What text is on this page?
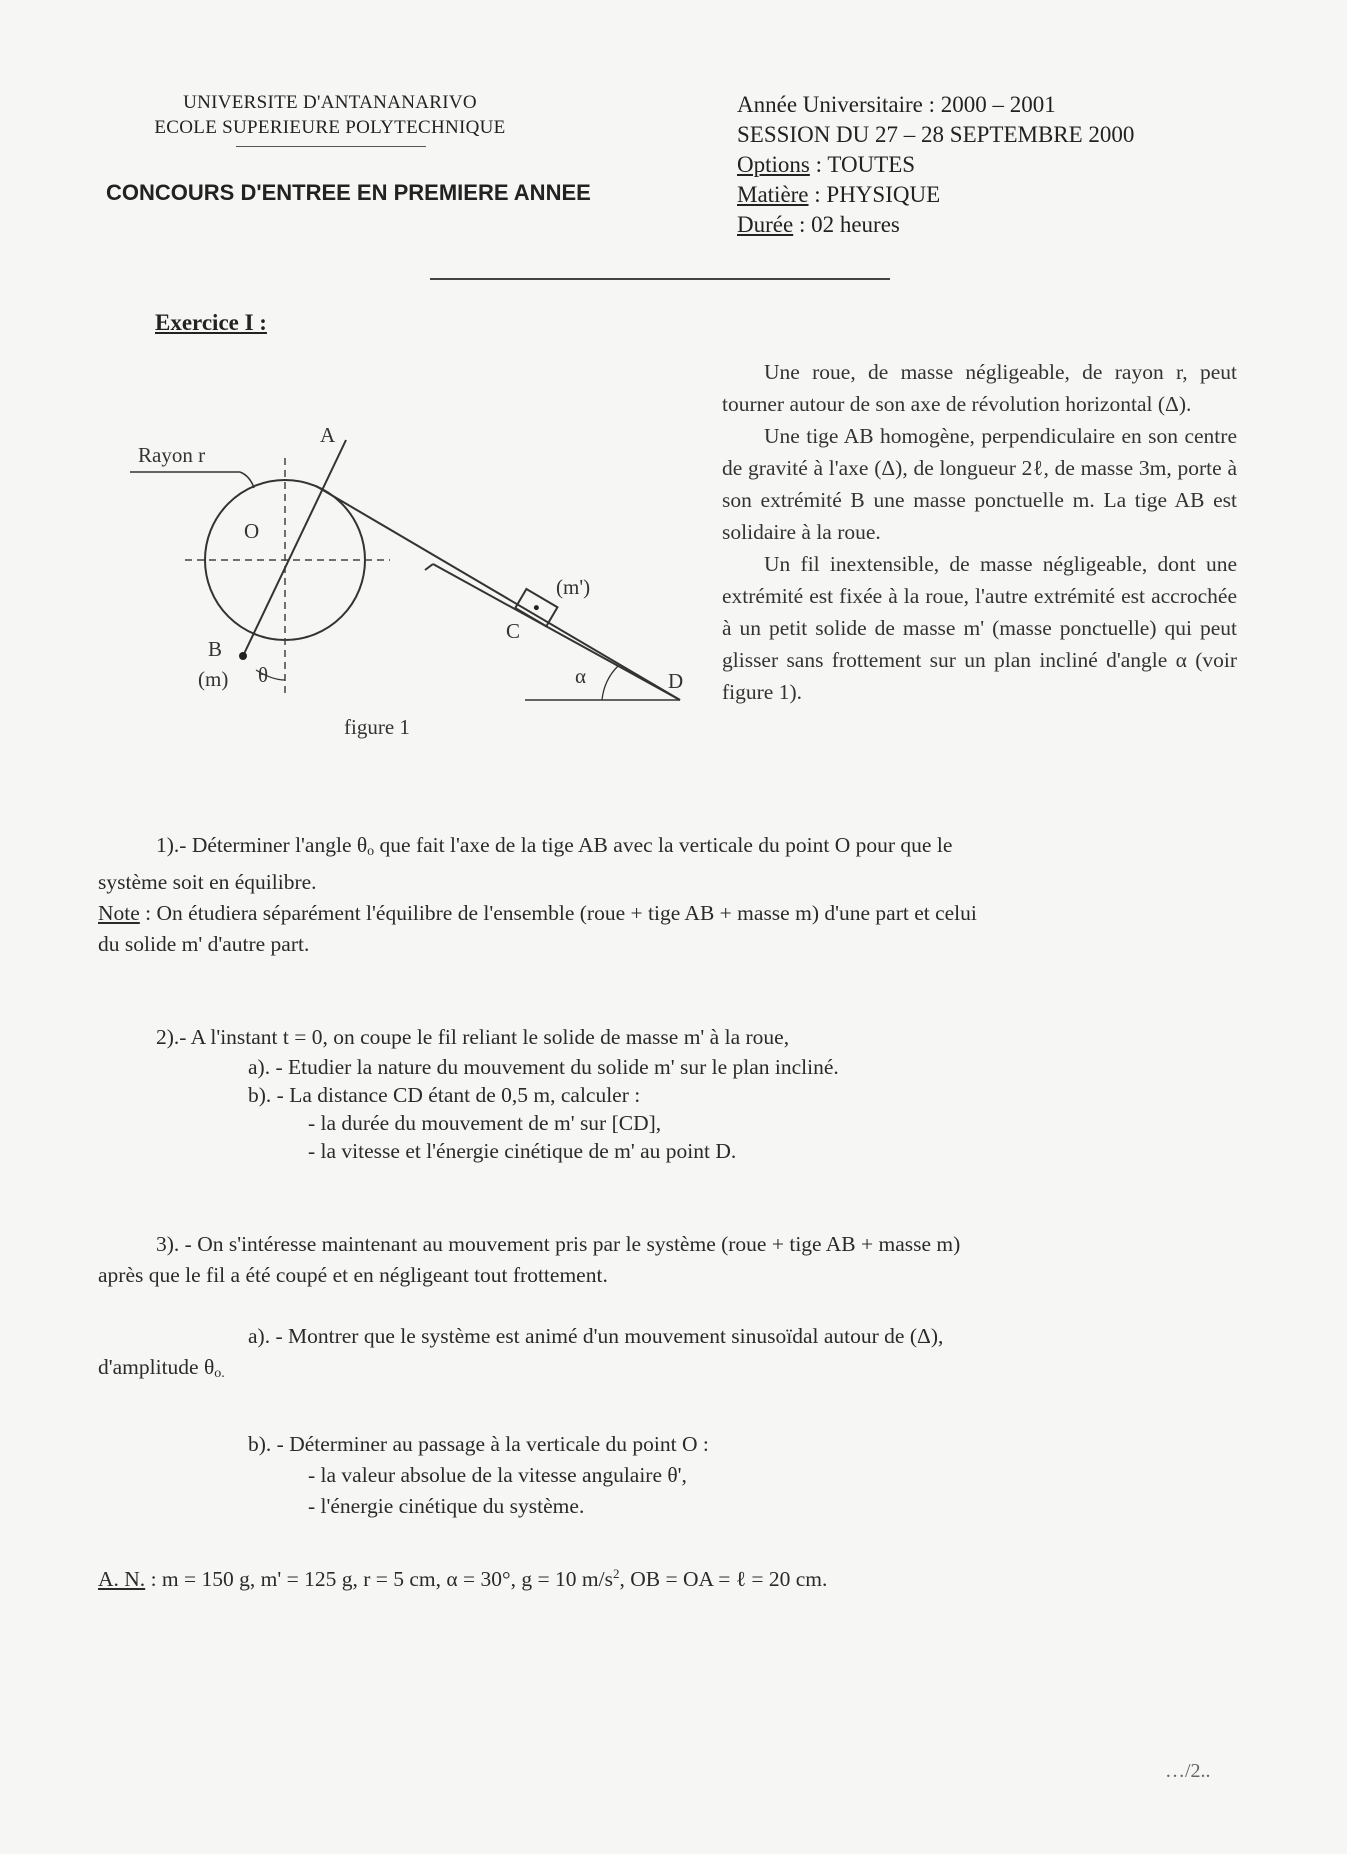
UNIVERSITE D'ANTANANARIVO
ECOLE SUPERIEURE POLYTECHNIQUE
CONCOURS D'ENTREE EN PREMIERE ANNEE
Année Universitaire : 2000 – 2001
SESSION DU 27 – 28 SEPTEMBRE 2000
Options : TOUTES
Matière : PHYSIQUE
Durée : 02 heures
Exercice I :

Une roue, de masse négligeable, de rayon r, peut tourner autour de son axe de révolution horizontal (Δ).

Une tige AB homogène, perpendiculaire en son centre de gravité à l'axe (Δ), de longueur 2ℓ, de masse 3m, porte à son extrémité B une masse ponctuelle m. La tige AB est solidaire à la roue.

Un fil inextensible, de masse négligeable, dont une extrémité est fixée à la roue, l'autre extrémité est accrochée à un petit solide de masse m' (masse ponctuelle) qui peut glisser sans frottement sur un plan incliné d'angle α (voir figure 1).

Rayon r
A
O
B
(m) θ
C
(m')
α	D
figure 1
1).- Déterminer l'angle $\theta_o$ que fait l'axe de la tige AB avec la verticale du point O pour que le
système soit en équilibre.
Note : On étudiera séparément l'équilibre de l'ensemble (roue + tige AB + masse m) d'une part et celui
du solide m' d'autre part.
2).- A l'instant t = 0, on coupe le fil reliant le solide de masse m' à la roue,
a). - Etudier la nature du mouvement du solide m' sur le plan incliné.
b). - La distance CD étant de 0,5 m, calculer :
- la durée du mouvement de m' sur [CD],
- la vitesse et l'énergie cinétique de m' au point D.
3). - On s'intéresse maintenant au mouvement pris par le système (roue + tige AB + masse m)
après que le fil a été coupé et en négligeant tout frottement.
a). - Montrer que le système est animé d'un mouvement sinusoïdal autour de (Δ),
d'amplitude $\theta_{o.}$
b). - Déterminer au passage à la verticale du point O :
- la valeur absolue de la vitesse angulaire θ',
- l'énergie cinétique du système.
A. N. : m = 150 g, m' = 125 g, r = 5 cm, α = 30°, g = 10 $m/s^2$, OB = OA = ℓ = 20 cm.
…/2..
